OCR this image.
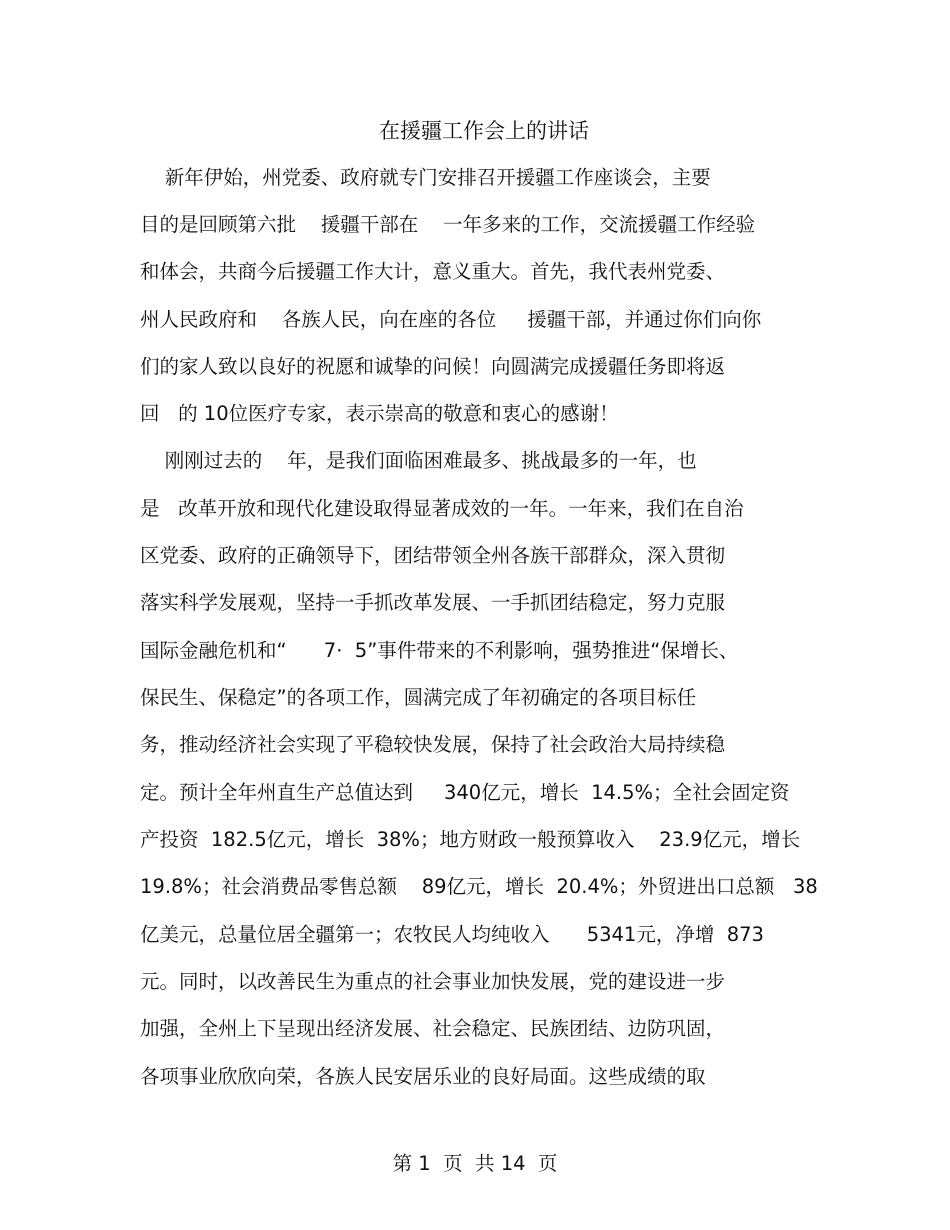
在援疆工作会上的讲话
新年伊始，州党委、政府就专门安排召开援疆工作座谈会，主要
目的是回顾第六批    援疆干部在    一年多来的工作，交流援疆工作经验
和体会，共商今后援疆工作大计，意义重大。首先，我代表州党委、
州人民政府和    各族人民，向在座的各位     援疆干部，并通过你们向你
们的家人致以良好的祝愿和诚挚的问候！向圆满完成援疆任务即将返
回   的 10位医疗专家，表示崇高的敬意和衷心的感谢！
刚刚过去的    年，是我们面临困难最多、挑战最多的一年，也
是   改革开放和现代化建设取得显著成效的一年。一年来，我们在自治
区党委、政府的正确领导下，团结带领全州各族干部群众，深入贯彻
落实科学发展观，坚持一手抓改革发展、一手抓团结稳定，努力克服
国际金融危机和“      7·  5”事件带来的不利影响，强势推进“保增长、
保民生、保稳定”的各项工作，圆满完成了年初确定的各项目标任
务，推动经济社会实现了平稳较快发展，保持了社会政治大局持续稳
定。预计全年州直生产总值达到     340亿元，增长  14.5%；全社会固定资
产投资  182.5亿元，增长  38%；地方财政一般预算收入    23.9亿元，增长
19.8%；社会消费品零售总额    89亿元，增长  20.4%；外贸进出口总额   38
亿美元，总量位居全疆第一；农牧民人均纯收入      5341元，净增  873
元。同时，以改善民生为重点的社会事业加快发展，党的建设进一步
加强，全州上下呈现出经济发展、社会稳定、民族团结、边防巩固，
各项事业欣欣向荣，各族人民安居乐业的良好局面。这些成绩的取
第 1  页  共 14  页
